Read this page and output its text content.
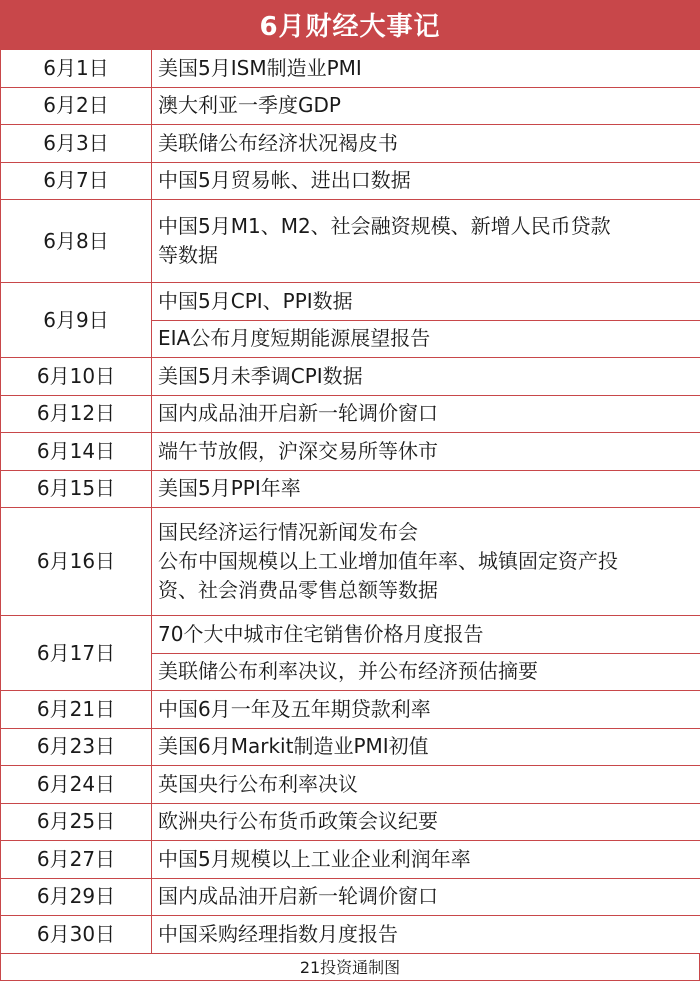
6月财经大事记
6月1日	美国5月ISM制造业PMI

6月2日	澳大利亚一季度GDP

6月3日	美联储公布经济状况褐皮书

6月7日	中国5月贸易帐、进出口数据

6月8日	中国5月M1、M2、社会融资规模、新增人民币贷款
等数据

6月9日	中国5月CPI、PPI数据

	EIA公布月度短期能源展望报告

6月10日	美国5月未季调CPI数据

6月12日	国内成品油开启新一轮调价窗口

6月14日	端午节放假，沪深交易所等休市

6月15日	美国5月PPI年率

6月16日	国民经济运行情况新闻发布会
公布中国规模以上工业增加值年率、城镇固定资产投
资、社会消费品零售总额等数据

6月17日	70个大中城市住宅销售价格月度报告

	美联储公布利率决议，并公布经济预估摘要

6月21日	中国6月一年及五年期贷款利率

6月23日	美国6月Markit制造业PMI初值

6月24日	英国央行公布利率决议

6月25日	欧洲央行公布货币政策会议纪要

6月27日	中国5月规模以上工业企业利润年率

6月29日	国内成品油开启新一轮调价窗口

6月30日	中国采购经理指数月度报告
21投资通制图
